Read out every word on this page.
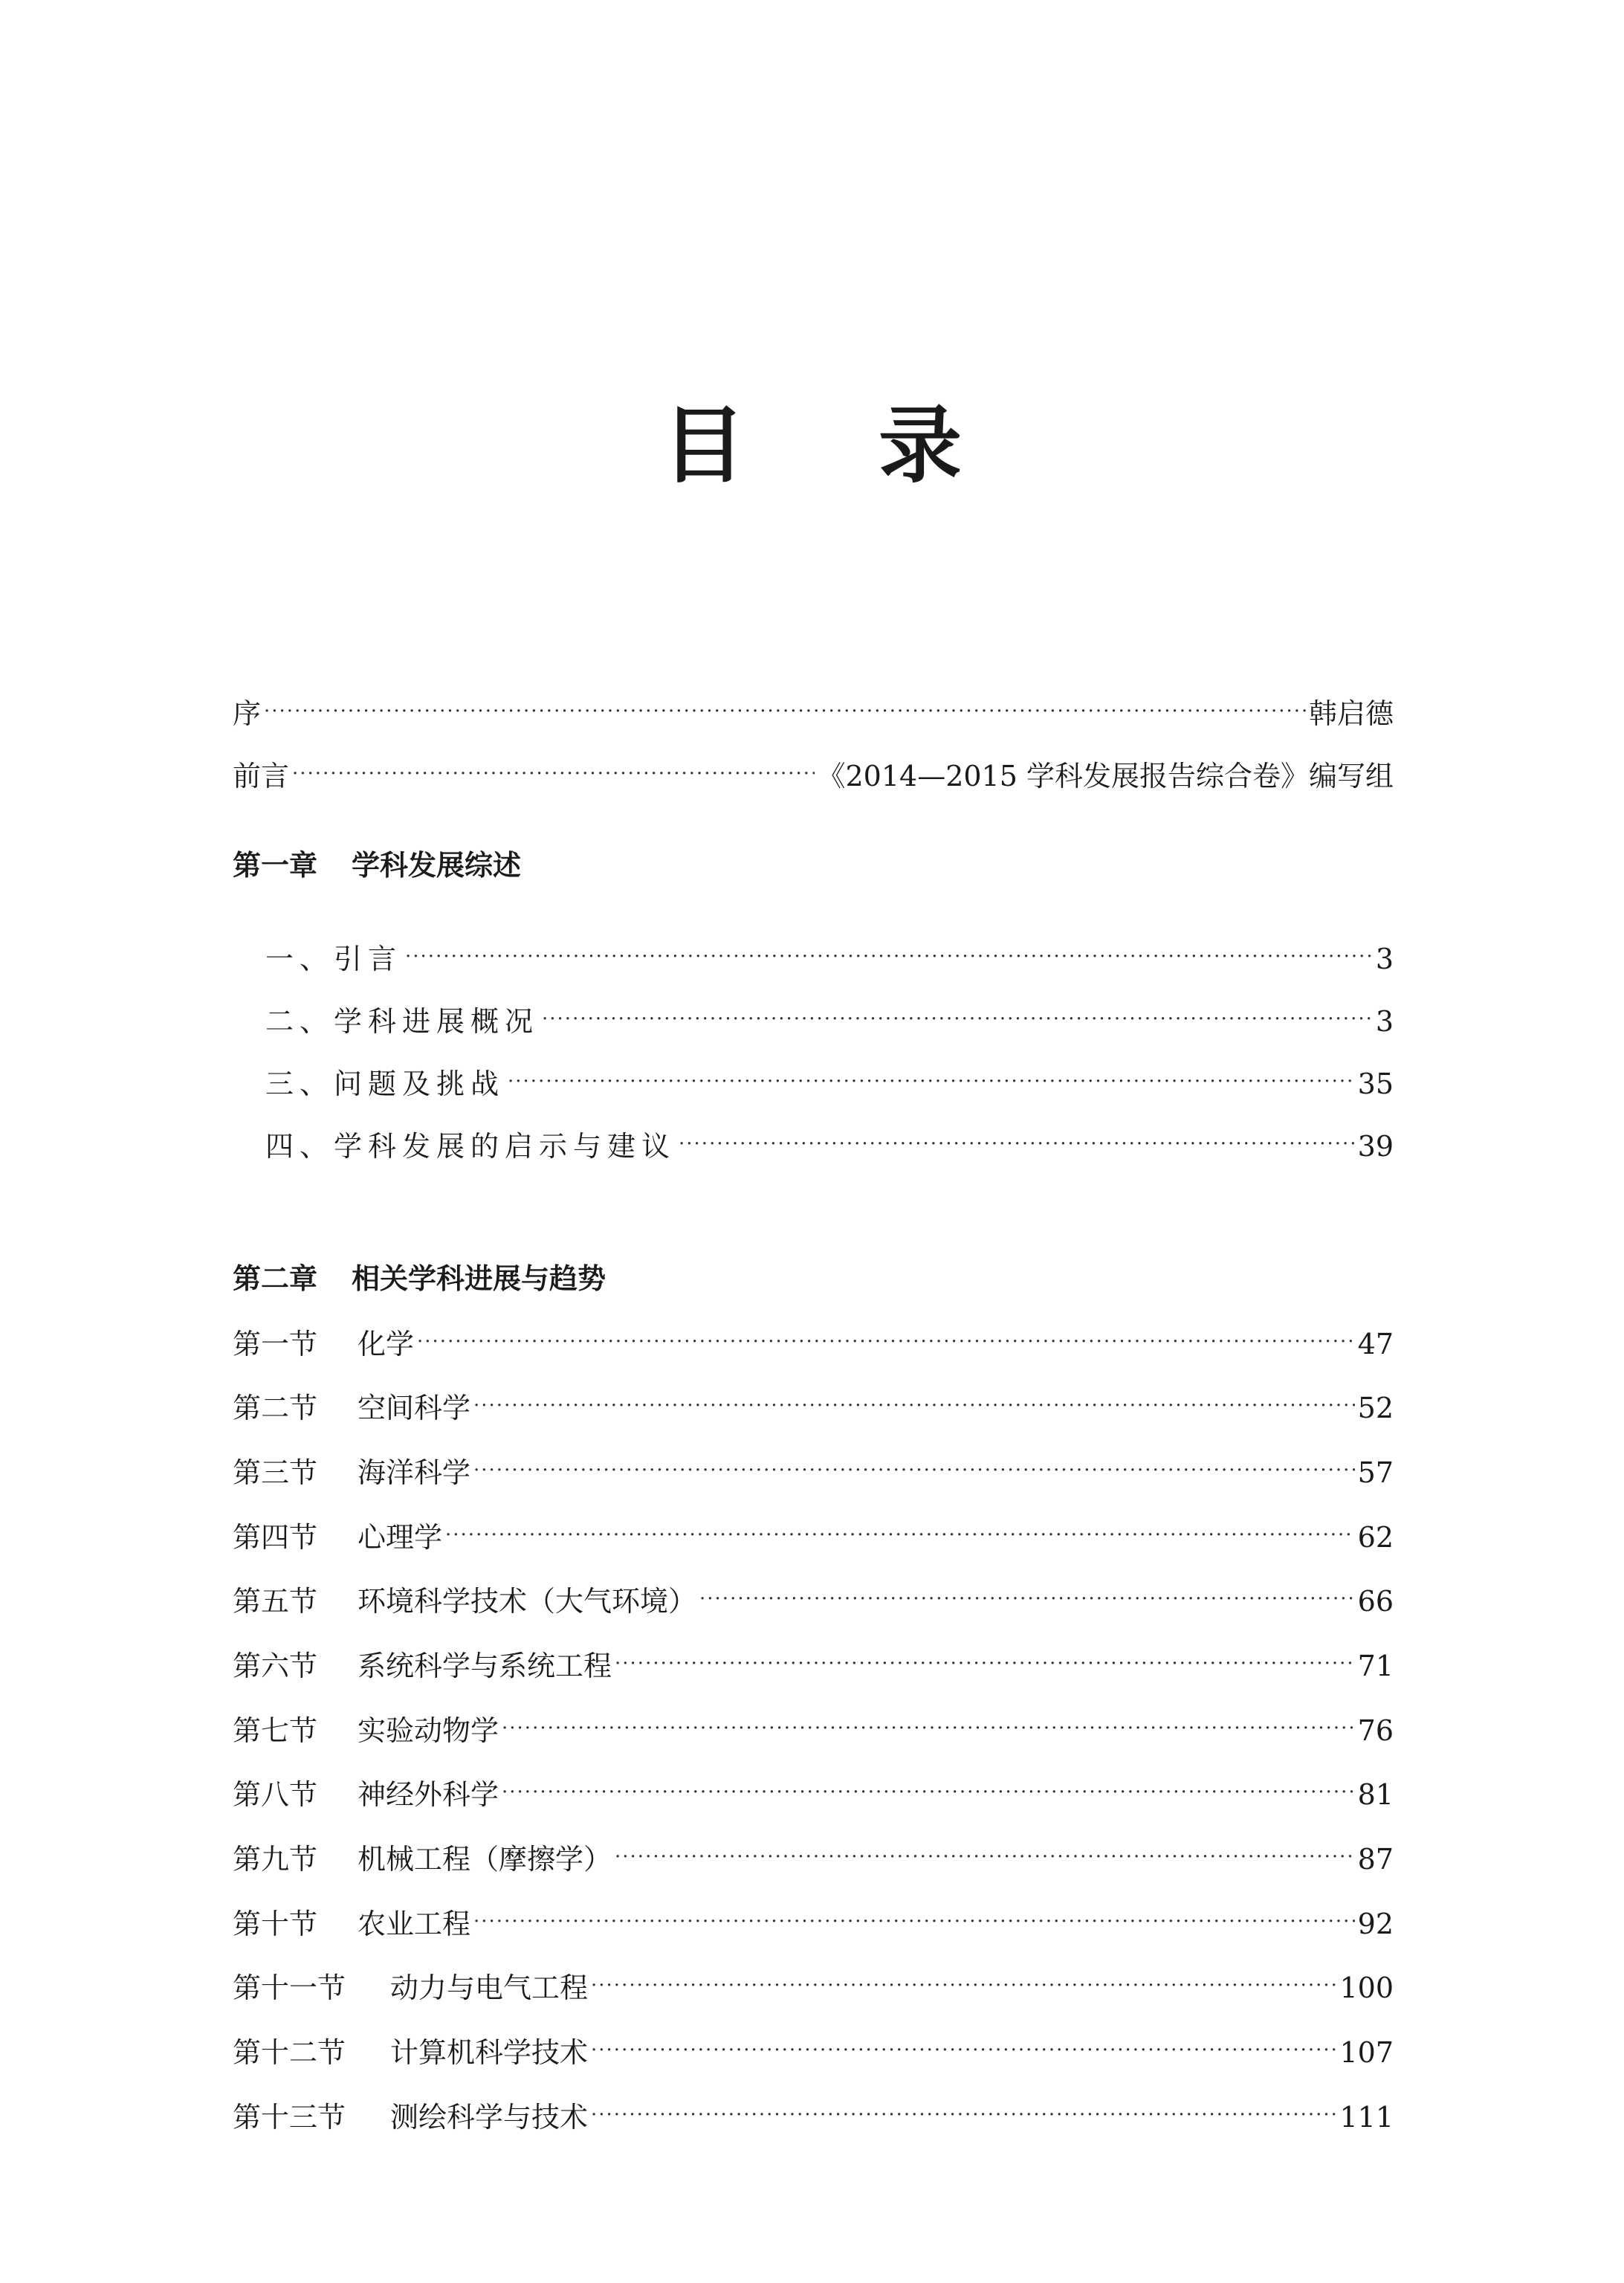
目 录
序 ·····	韩启德
前言 ·····	《2014—2015 学科发展报告综合卷》编写组
第一章 学科发展综述
一、引言 ·····	3
二、学科进展概况 ·····	3
三、问题及挑战 ·····	35
四、学科发展的启示与建议 ·····	39
第二章 相关学科进展与趋势
第一节 化学 ·····	47
第二节 空间科学 ·····	52
第三节 海洋科学 ·····	57
第四节 心理学 ·····	62
第五节 环境科学技术（大气环境） ·····	66
第六节 系统科学与系统工程 ·····	71
第七节 实验动物学 ·····	76
第八节 神经外科学 ·····	81
第九节 机械工程（摩擦学） ·····	87
第十节 农业工程 ·····	92
第十一节 动力与电气工程 ·····	100
第十二节 计算机科学技术 ·····	107
第十三节 测绘科学与技术 ·····	111
